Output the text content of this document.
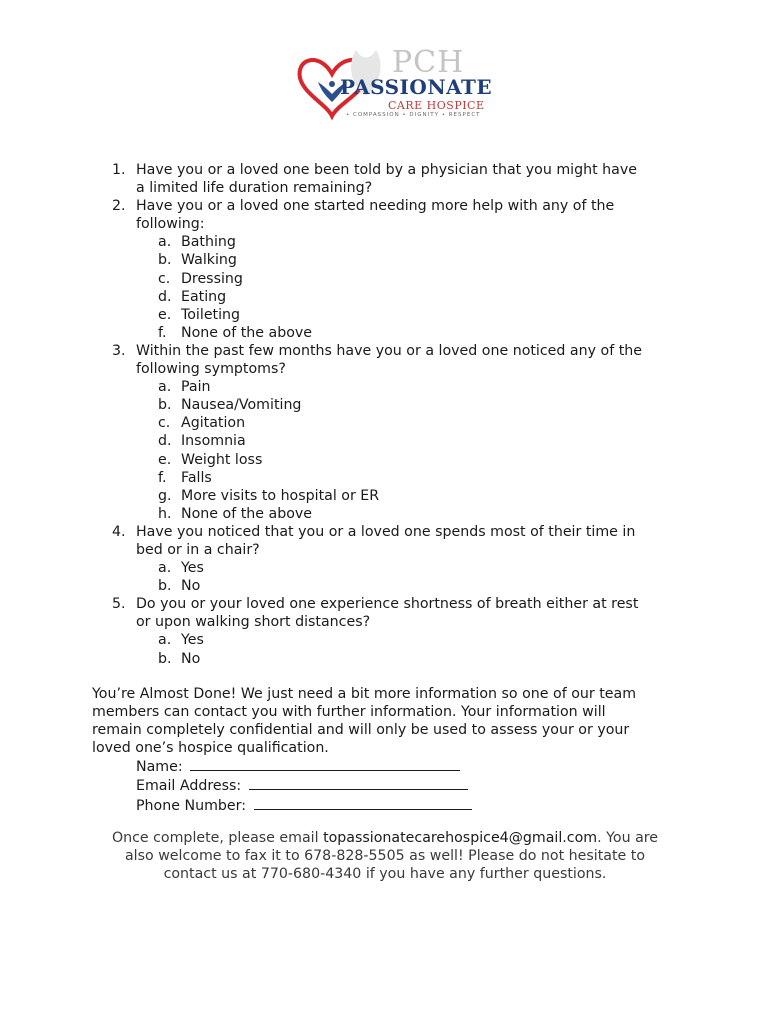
PCH
PASSIONATE
CARE HOSPICE
• COMPASSION • DIGNITY • RESPECT
1. Have you or a loved one been told by a physician that you might have
a limited life duration remaining?
2. Have you or a loved one started needing more help with any of the
following:
a. Bathing
b. Walking
c. Dressing
d. Eating
e. Toileting
f. None of the above
3. Within the past few months have you or a loved one noticed any of the
following symptoms?
a. Pain
b. Nausea/Vomiting
c. Agitation
d. Insomnia
e. Weight loss
f. Falls
g. More visits to hospital or ER
h. None of the above
4. Have you noticed that you or a loved one spends most of their time in
bed or in a chair?
a. Yes
b. No
5. Do you or your loved one experience shortness of breath either at rest
or upon walking short distances?
a. Yes
b. No
You’re Almost Done! We just need a bit more information so one of our team
members can contact you with further information. Your information will
remain completely confidential and will only be used to assess your or your
loved one’s hospice qualification.
Name:
Email Address:
Phone Number:
Once complete, please email topassionatecarehospice4@gmail.com. You are
also welcome to fax it to 678-828-5505 as well! Please do not hesitate to
contact us at 770-680-4340 if you have any further questions.
